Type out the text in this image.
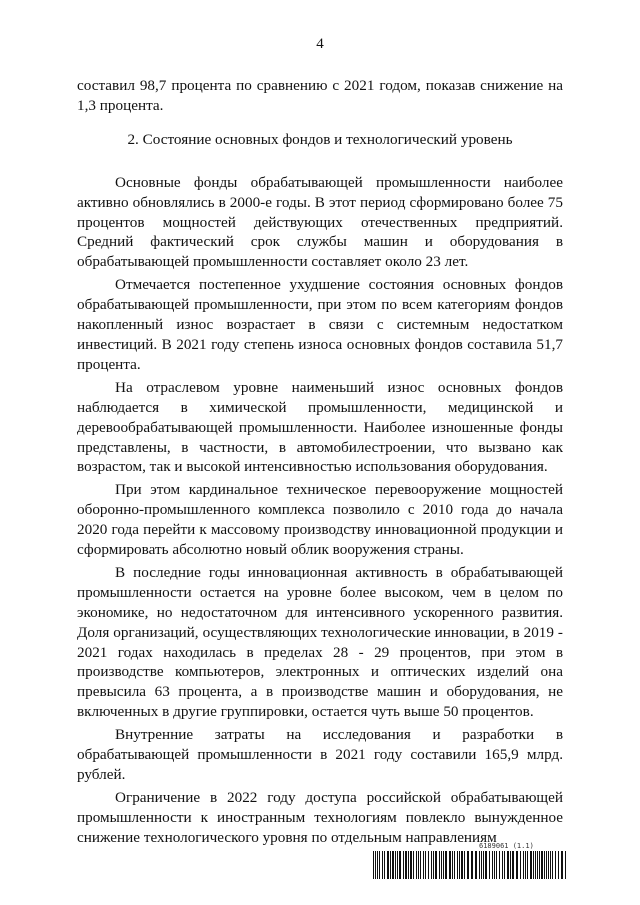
4

составил 98,7 процента по сравнению с 2021 годом, показав снижение на 1,3 процента.

2. Состояние основных фондов и технологический уровень

Основные фонды обрабатывающей промышленности наиболее активно обновлялись в 2000-е годы. В этот период сформировано более 75 процентов мощностей действующих отечественных предприятий. Средний фактический срок службы машин и оборудования в обрабатывающей промышленности составляет около 23 лет.

Отмечается постепенное ухудшение состояния основных фондов обрабатывающей промышленности, при этом по всем категориям фондов накопленный износ возрастает в связи с системным недостатком инвестиций. В 2021 году степень износа основных фондов составила 51,7 процента.

На отраслевом уровне наименьший износ основных фондов наблюдается в химической промышленности, медицинской и деревообрабатывающей промышленности. Наиболее изношенные фонды представлены, в частности, в автомобилестроении, что вызвано как возрастом, так и высокой интенсивностью использования оборудования.

При этом кардинальное техническое перевооружение мощностей оборонно-промышленного комплекса позволило с 2010 года до начала 2020 года перейти к массовому производству инновационной продукции и сформировать абсолютно новый облик вооружения страны.

В последние годы инновационная активность в обрабатывающей промышленности остается на уровне более высоком, чем в целом по экономике, но недостаточном для интенсивного ускоренного развития. Доля организаций, осуществляющих технологические инновации, в 2019 - 2021 годах находилась в пределах 28 - 29 процентов, при этом в производстве компьютеров, электронных и оптических изделий она превысила 63 процента, а в производстве машин и оборудования, не включенных в другие группировки, остается чуть выше 50 процентов.

Внутренние затраты на исследования и разработки в обрабатывающей промышленности в 2021 году составили 165,9 млрд. рублей.

Ограничение в 2022 году доступа российской обрабатывающей промышленности к иностранным технологиям повлекло вынужденное снижение технологического уровня по отдельным направлениям

6189061 (1.1)
